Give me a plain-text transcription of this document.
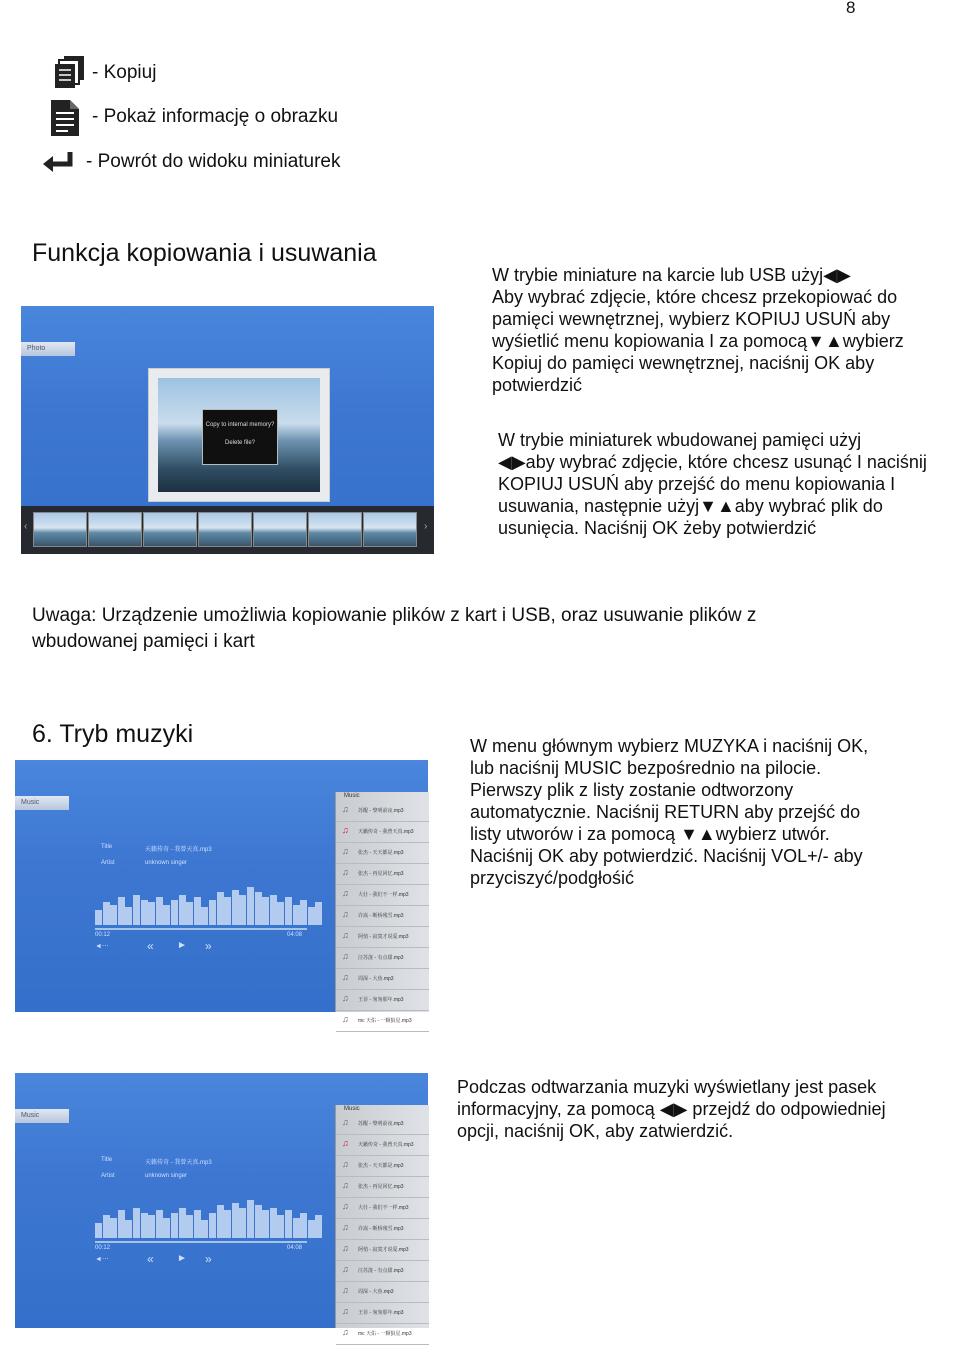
8
- Kopiuj
- Pokaż informację o obrazku
- Powrót do widoku miniaturek
Funkcja kopiowania i usuwania
W trybie miniature na karcie lub USB użyj◀▶
Aby wybrać zdjęcie, które chcesz przekopiować do
pamięci wewnętrznej, wybierz KOPIUJ USUŃ aby
wyśietlić menu kopiowania I za pomocą▼▲wybierz
Kopiuj do pamięci wewnętrznej, naciśnij OK aby
potwierdzić
W trybie miniaturek wbudowanej pamięci użyj
◀▶aby wybrać zdjęcie, które chcesz usunąć I naciśnij
KOPIUJ USUŃ aby przejść do menu kopiowania I
usuwania, następnie użyj▼▲aby wybrać plik do
usunięcia. Naciśnij OK żeby potwierdzić
Photo
Copy to internal memory?
Delete file?
‹	›
Uwaga: Urządzenie umożliwia kopiowanie plików z kart i USB, oraz usuwanie plików z
wbudowanej pamięci i kart
6. Tryb muzyki	W menu głównym wybierz MUZYKA i naciśnij OK,
lub naciśnij MUSIC bezpośrednio na pilocie.
Pierwszy plik z listy zostanie odtworzony
automatycznie. Naciśnij RETURN aby przejść do
listy utworów i za pomocą ▼▲wybierz utwór.
Naciśnij OK aby potwierdzić. Naciśnij VOL+/- aby
przyciszyć/podgłośić
Podczas odtwarzania muzyki wyświetlany jest pasek
informacyjny, za pomocą ◀▶ przejdź do odpowiedniej
opcji, naciśnij OK, aby zatwierdzić.
Music
Title	天籁传奇 - 我曾天真.mp3
Artist	unknown singer
00:12	04:08
◄‧‧‧	« ► »
Music
♫ 苏醒 - 黎明前夜.mp3
♫ 天籁传奇 - 我曾天真.mp3
♫ 张杰 - 天天都是.mp3
♫ 张杰 - 再见回忆.mp3
♫ 大壮 - 我们不一样.mp3
♫ 许嵩 - 断桥残雪.mp3
♫ 阿悄 - 寂寞才说爱.mp3
♫ 汪苏泷 - 有点甜.mp3
♫ 周深 - 大鱼.mp3
♫ 王菲 - 匆匆那年.mp3
♫ mc 天佑 - 一颗狼星.mp3
Music
Title	天籁传奇 - 我曾天真.mp3
Artist	unknown singer
00:12	04:08
◄‧‧‧	« ► »
Music
♫ 苏醒 - 黎明前夜.mp3
♫ 天籁传奇 - 我曾天真.mp3
♫ 张杰 - 天天都是.mp3
♫ 张杰 - 再见回忆.mp3
♫ 大壮 - 我们不一样.mp3
♫ 许嵩 - 断桥残雪.mp3
♫ 阿悄 - 寂寞才说爱.mp3
♫ 汪苏泷 - 有点甜.mp3
♫ 周深 - 大鱼.mp3
♫ 王菲 - 匆匆那年.mp3
♫ mc 天佑 - 一颗狼星.mp3
